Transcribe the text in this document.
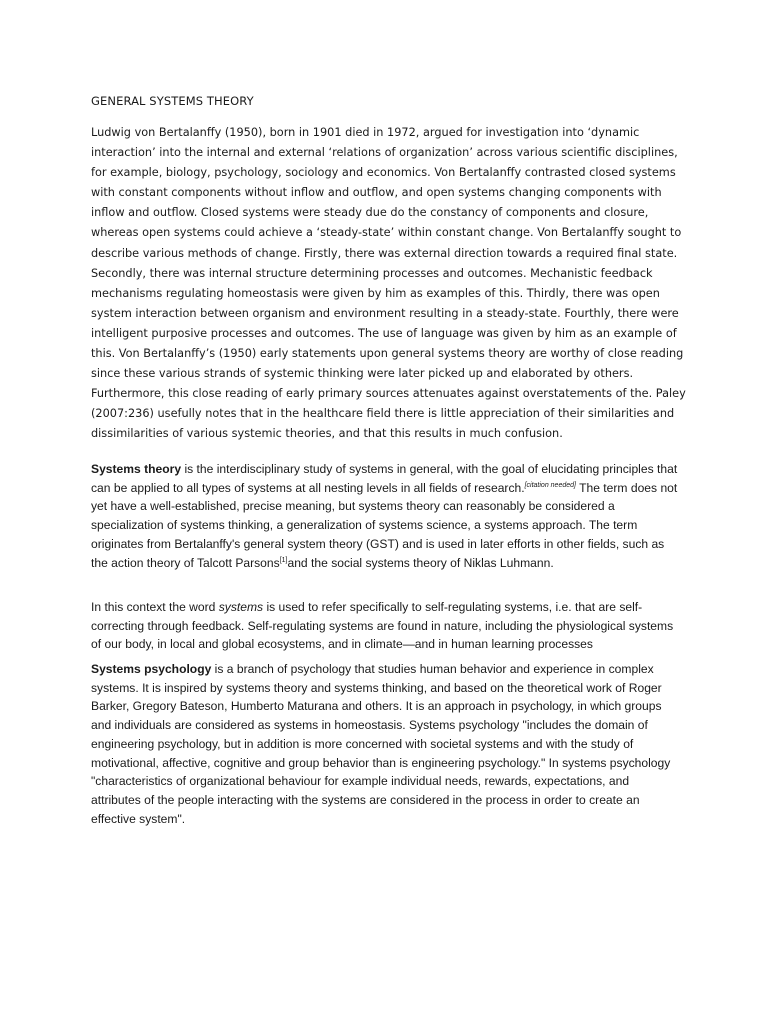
GENERAL SYSTEMS THEORY

Ludwig von Bertalanffy (1950), born in 1901 died in 1972, argued for investigation into ‘dynamic interaction’ into the internal and external ‘relations of organization’ across various scientific disciplines, for example, biology, psychology, sociology and economics. Von Bertalanffy contrasted closed systems with constant components without inflow and outflow, and open systems changing components with inflow and outflow. Closed systems were steady due do the constancy of components and closure, whereas open systems could achieve a ‘steady-state’ within constant change. Von Bertalanffy sought to describe various methods of change. Firstly, there was external direction towards a required final state. Secondly, there was internal structure determining processes and outcomes. Mechanistic feedback mechanisms regulating homeostasis were given by him as examples of this. Thirdly, there was open system interaction between organism and environment resulting in a steady-state. Fourthly, there were intelligent purposive processes and outcomes. The use of language was given by him as an example of this. Von Bertalanffy’s (1950) early statements upon general systems theory are worthy of close reading since these various strands of systemic thinking were later picked up and elaborated by others. Furthermore, this close reading of early primary sources attenuates against overstatements of the. Paley (2007:236) usefully notes that in the healthcare field there is little appreciation of their similarities and dissimilarities of various systemic theories, and that this results in much confusion.

Systems theory is the interdisciplinary study of systems in general, with the goal of elucidating principles that can be applied to all types of systems at all nesting levels in all fields of research.[citation needed] The term does not yet have a well-established, precise meaning, but systems theory can reasonably be considered a specialization of systems thinking, a generalization of systems science, a systems approach. The term originates from Bertalanffy's general system theory (GST) and is used in later efforts in other fields, such as the action theory of Talcott Parsons[1]and the social systems theory of Niklas Luhmann.

In this context the word systems is used to refer specifically to self-regulating systems, i.e. that are self-correcting through feedback. Self-regulating systems are found in nature, including the physiological systems of our body, in local and global ecosystems, and in climate—and in human learning processes

Systems psychology is a branch of psychology that studies human behavior and experience in complex systems. It is inspired by systems theory and systems thinking, and based on the theoretical work of Roger Barker, Gregory Bateson, Humberto Maturana and others. It is an approach in psychology, in which groups and individuals are considered as systems in homeostasis. Systems psychology "includes the domain of engineering psychology, but in addition is more concerned with societal systems and with the study of motivational, affective, cognitive and group behavior than is engineering psychology." In systems psychology "characteristics of organizational behaviour for example individual needs, rewards, expectations, and attributes of the people interacting with the systems are considered in the process in order to create an effective system".
